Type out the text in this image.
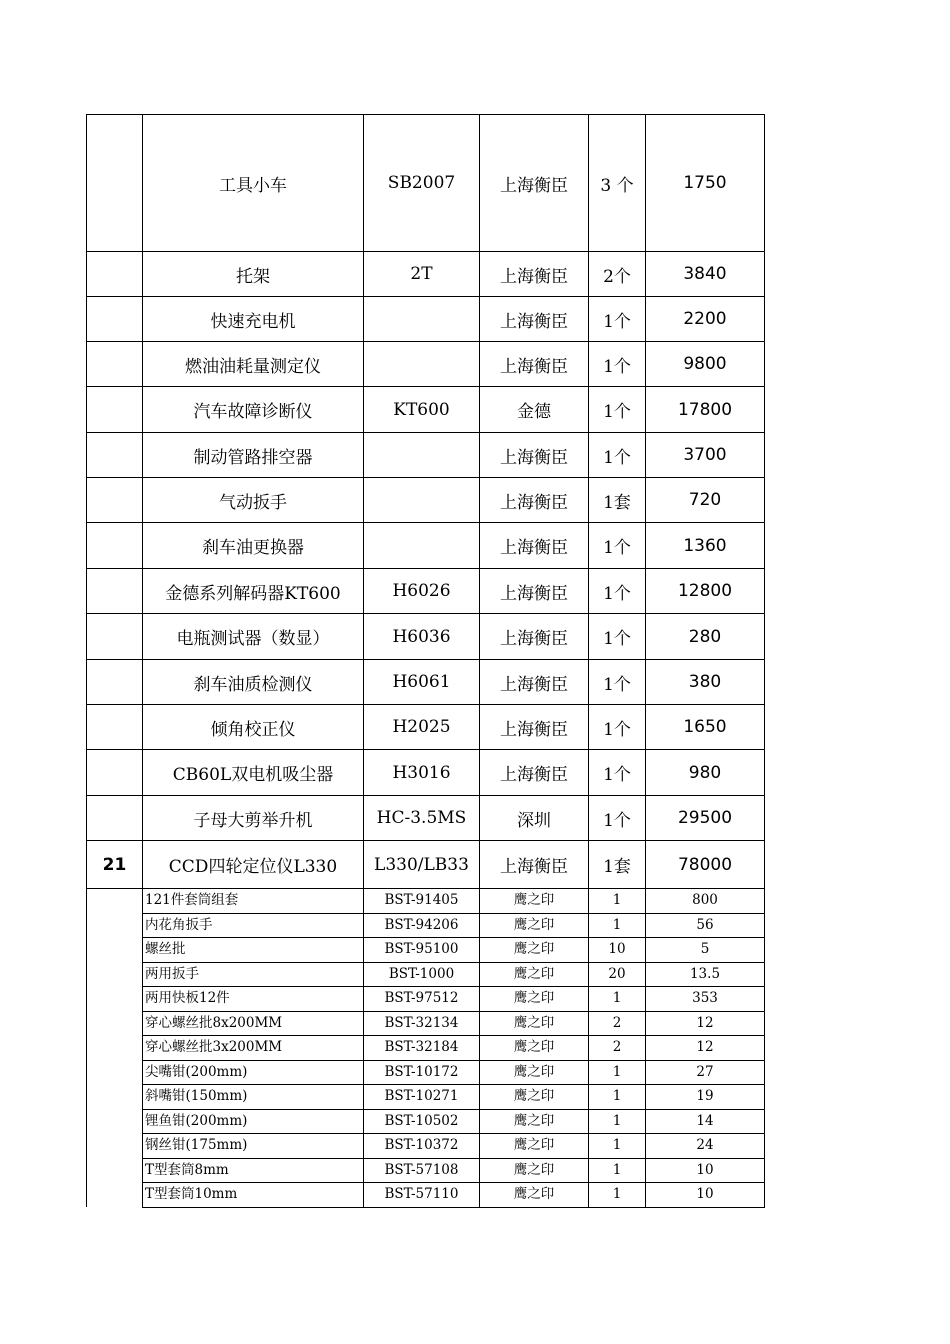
	工具小车	SB2007	上海衡臣	3 个	1750
	托架	2T	上海衡臣	2个	3840
	快速充电机		上海衡臣	1个	2200
	燃油油耗量测定仪		上海衡臣	1个	9800
	汽车故障诊断仪	KT600	金德	1个	17800
	制动管路排空器		上海衡臣	1个	3700
	气动扳手		上海衡臣	1套	720
	刹车油更换器		上海衡臣	1个	1360
	金德系列解码器KT600	H6026	上海衡臣	1个	12800
	电瓶测试器（数显）	H6036	上海衡臣	1个	280
	刹车油质检测仪	H6061	上海衡臣	1个	380
	倾角校正仪	H2025	上海衡臣	1个	1650
	CB60L双电机吸尘器	H3016	上海衡臣	1个	980
	子母大剪举升机	HC-3.5MS	深圳	1个	29500
21	CCD四轮定位仪L330	L330/LB33	上海衡臣	1套	78000
	121件套筒组套	BST-91405	鹰之印	1	800
	内花角扳手	BST-94206	鹰之印	1	56
	螺丝批	BST-95100	鹰之印	10	5
	两用扳手	BST-1000	鹰之印	20	13.5
	两用快板12件	BST-97512	鹰之印	1	353
	穿心螺丝批8x200MM	BST-32134	鹰之印	2	12
	穿心螺丝批3x200MM	BST-32184	鹰之印	2	12
	尖嘴钳(200mm)	BST-10172	鹰之印	1	27
	斜嘴钳(150mm)	BST-10271	鹰之印	1	19
	锂鱼钳(200mm)	BST-10502	鹰之印	1	14
	钢丝钳(175mm)	BST-10372	鹰之印	1	24
	T型套筒8mm	BST-57108	鹰之印	1	10
	T型套筒10mm	BST-57110	鹰之印	1	10
